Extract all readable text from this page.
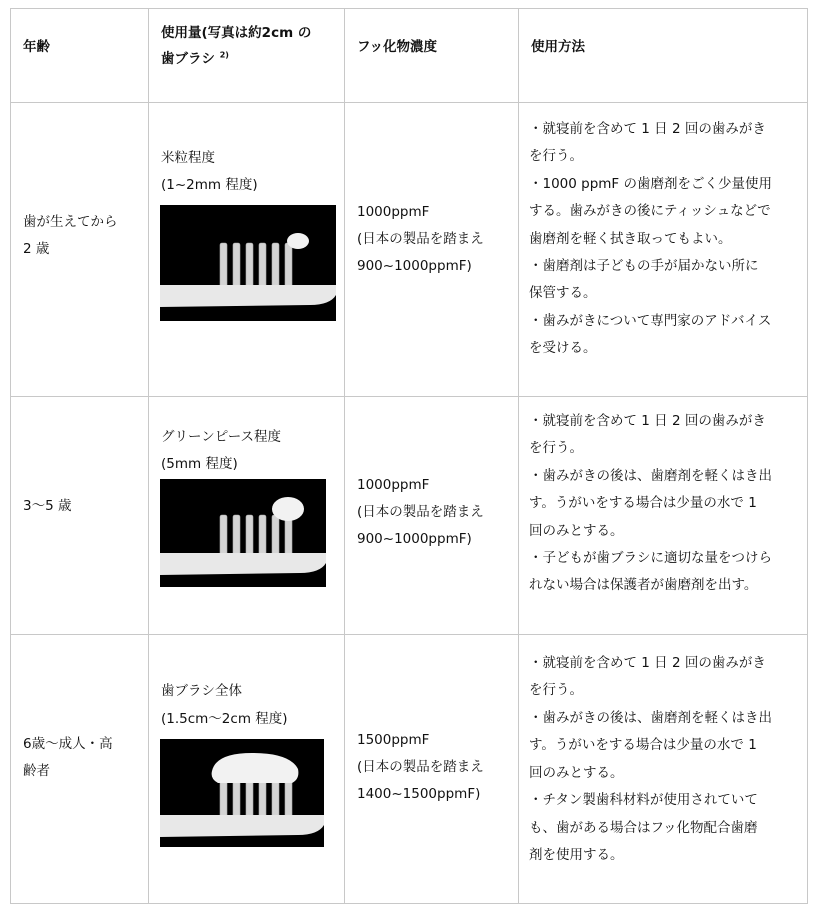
年齢
使用量(写真は約2cm の
歯ブラシ $^{2)}$	フッ化物濃度	使用方法
歯が生えてから
2 歳
米粒程度
(1~2mm 程度)
1000ppmF
(日本の製品を踏まえ
900~1000ppmF)
・就寝前を含めて 1 日 2 回の歯みがき
を行う。
・1000 ppmF の歯磨剤をごく少量使用
する。歯みがきの後にティッシュなどで
歯磨剤を軽く拭き取ってもよい。
・歯磨剤は子どもの手が届かない所に
保管する。
・歯みがきについて専門家のアドバイス
を受ける。
3～5 歳
グリーンピース程度
(5mm 程度)
1000ppmF
(日本の製品を踏まえ
900~1000ppmF)
・就寝前を含めて 1 日 2 回の歯みがき
を行う。
・歯みがきの後は、歯磨剤を軽くはき出
す。うがいをする場合は少量の水で 1
回のみとする。
・子どもが歯ブラシに適切な量をつけら
れない場合は保護者が歯磨剤を出す。
6歳～成人・高
齢者
歯ブラシ全体
(1.5cm～2cm 程度)
1500ppmF
(日本の製品を踏まえ
1400~1500ppmF)
・就寝前を含めて 1 日 2 回の歯みがき
を行う。
・歯みがきの後は、歯磨剤を軽くはき出
す。うがいをする場合は少量の水で 1
回のみとする。
・チタン製歯科材料が使用されていて
も、歯がある場合はフッ化物配合歯磨
剤を使用する。
